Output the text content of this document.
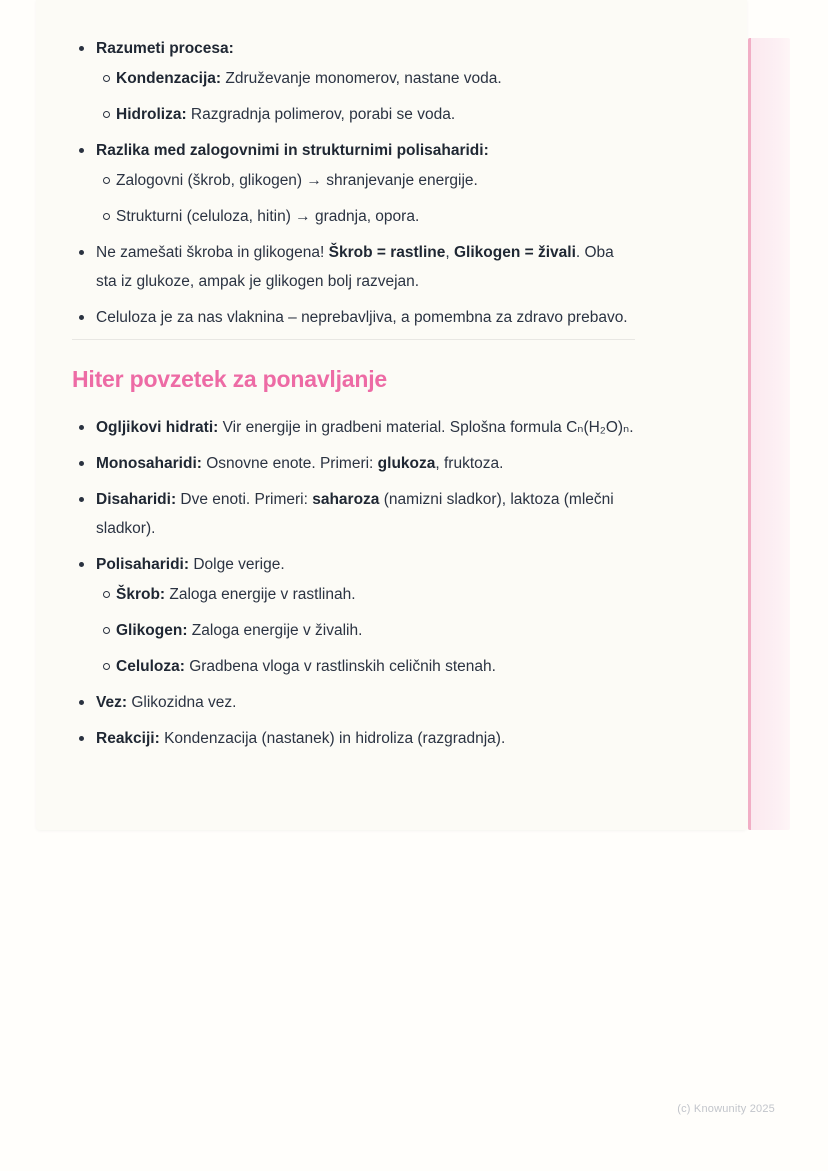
Razumeti procesa:
Kondenzacija: Združevanje monomerov, nastane voda.
Hidroliza: Razgradnja polimerov, porabi se voda.
Razlika med zalogovnimi in strukturnimi polisaharidi:
Zalogovni (škrob, glikogen) → shranjevanje energije.
Strukturni (celuloza, hitin) → gradnja, opora.
Ne zamešati škroba in glikogena! Škrob = rastline, Glikogen = živali. Oba sta iz glukoze, ampak je glikogen bolj razvejan.
Celuloza je za nas vlaknina – neprebavljiva, a pomembna za zdravo prebavo.
Hiter povzetek za ponavljanje
Ogljikovi hidrati: Vir energije in gradbeni material. Splošna formula Cₙ(H₂O)ₙ.
Monosaharidi: Osnovne enote. Primeri: glukoza, fruktoza.
Disaharidi: Dve enoti. Primeri: saharoza (namizni sladkor), laktoza (mlečni sladkor).
Polisaharidi: Dolge verige.
Škrob: Zaloga energije v rastlinah.
Glikogen: Zaloga energije v živalih.
Celuloza: Gradbena vloga v rastlinskih celičnih stenah.
Vez: Glikozidna vez.
Reakciji: Kondenzacija (nastanek) in hidroliza (razgradnja).
(c) Knowunity 2025
